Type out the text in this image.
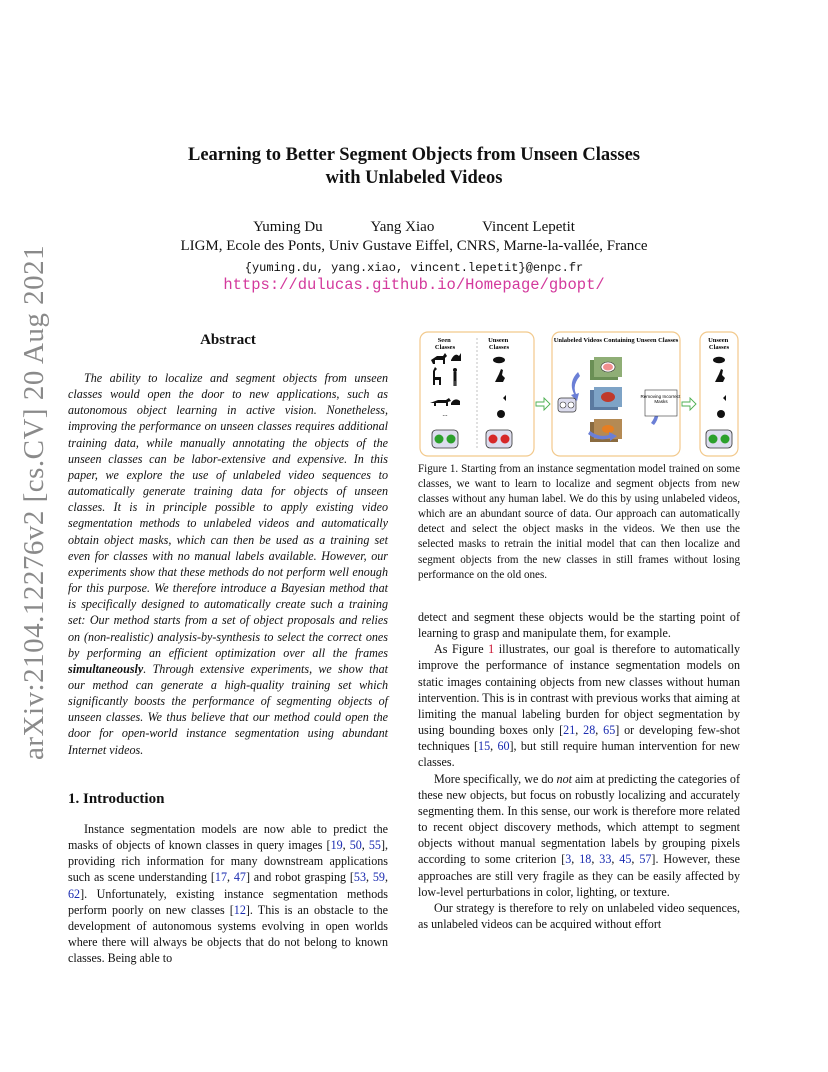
arXiv:2104.12276v2 [cs.CV] 20 Aug 2021
Learning to Better Segment Objects from Unseen Classes
with Unlabeled Videos
Yuming Du	Yang Xiao	Vincent Lepetit
LIGM, Ecole des Ponts, Univ Gustave Eiffel, CNRS, Marne-la-vallée, France
{yuming.du, yang.xiao, vincent.lepetit}@enpc.fr
https://dulucas.github.io/Homepage/gbopt/
Abstract

The ability to localize and segment objects from unseen classes would open the door to new applications, such as autonomous object learning in active vision. Nonetheless, improving the performance on unseen classes requires additional training data, while manually annotating the objects of the unseen classes can be labor-extensive and expensive. In this paper, we explore the use of unlabeled video sequences to automatically generate training data for objects of unseen classes. It is in principle possible to apply existing video segmentation methods to unlabeled videos and automatically obtain object masks, which can then be used as a training set even for classes with no manual labels available. However, our experiments show that these methods do not perform well enough for this purpose. We therefore introduce a Bayesian method that is specifically designed to automatically create such a training set: Our method starts from a set of object proposals and relies on (non-realistic) analysis-by-synthesis to select the correct ones by performing an efficient optimization over all the frames simultaneously. Through extensive experiments, we show that our method can generate a high-quality training set which significantly boosts the performance of segmenting objects of unseen classes. We thus believe that our method could open the door for open-world instance segmentation using abundant Internet videos.

1. Introduction

Instance segmentation models are now able to predict the masks of objects of known classes in query images [19, 50, 55], providing rich information for many downstream applications such as scene understanding [17, 47] and robot grasping [53, 59, 62]. Unfortunately, existing instance segmentation methods perform poorly on new classes [12]. This is an obstacle to the development of autonomous systems evolving in open worlds where there will always be objects that do not belong to known classes. Being able to

Seen Classes
Unseen Classes
...
Unlabeled Videos Containing Unseen Classes
Removing Incorrect Masks
Unseen Classes
Figure 1. Starting from an instance segmentation model trained on some classes, we want to learn to localize and segment objects from new classes without any human label. We do this by using unlabeled videos, which are an abundant source of data. Our approach can automatically detect and select the object masks in the videos. We then use the selected masks to retrain the initial model that can then localize and segment objects from the new classes in still frames without losing performance on the old ones.

detect and segment these objects would be the starting point of learning to grasp and manipulate them, for example.

As Figure 1 illustrates, our goal is therefore to automatically improve the performance of instance segmentation models on static images containing objects from new classes without human intervention. This is in contrast with previous works that aiming at limiting the manual labeling burden for object segmentation by using bounding boxes only [21, 28, 65] or developing few-shot techniques [15, 60], but still require human intervention for new classes.

More specifically, we do not aim at predicting the categories of these new objects, but focus on robustly localizing and accurately segmenting them. In this sense, our work is therefore more related to recent object discovery methods, which attempt to segment objects without manual segmentation labels by grouping pixels according to some criterion [3, 18, 33, 45, 57]. However, these approaches are still very fragile as they can be easily affected by low-level perturbations in color, lighting, or texture.

Our strategy is therefore to rely on unlabeled video sequences, as unlabeled videos can be acquired without effort
